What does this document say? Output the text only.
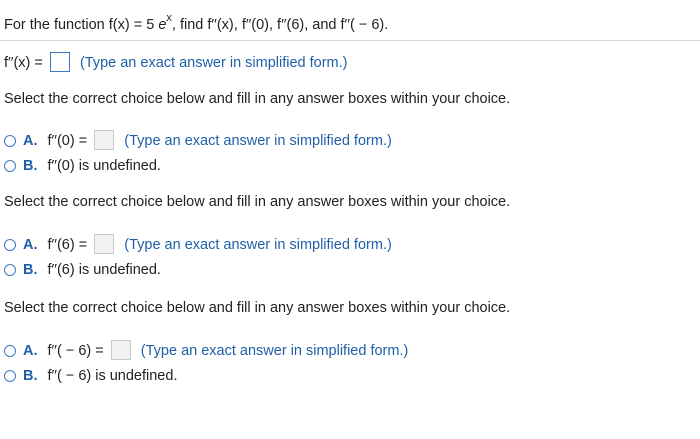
For the function f(x) = 5 $e^x$, find f′′(x), f′′(0), f′′(6), and f′′( − 6).
f′′(x) =	(Type an exact answer in simplified form.)
Select the correct choice below and fill in any answer boxes within your choice.
A. f′′(0) =	(Type an exact answer in simplified form.)
B. f′′(0) is undefined.
Select the correct choice below and fill in any answer boxes within your choice.
A. f′′(6) =	(Type an exact answer in simplified form.)
B. f′′(6) is undefined.
Select the correct choice below and fill in any answer boxes within your choice.
A. f′′( − 6) =	(Type an exact answer in simplified form.)
B. f′′( − 6) is undefined.
